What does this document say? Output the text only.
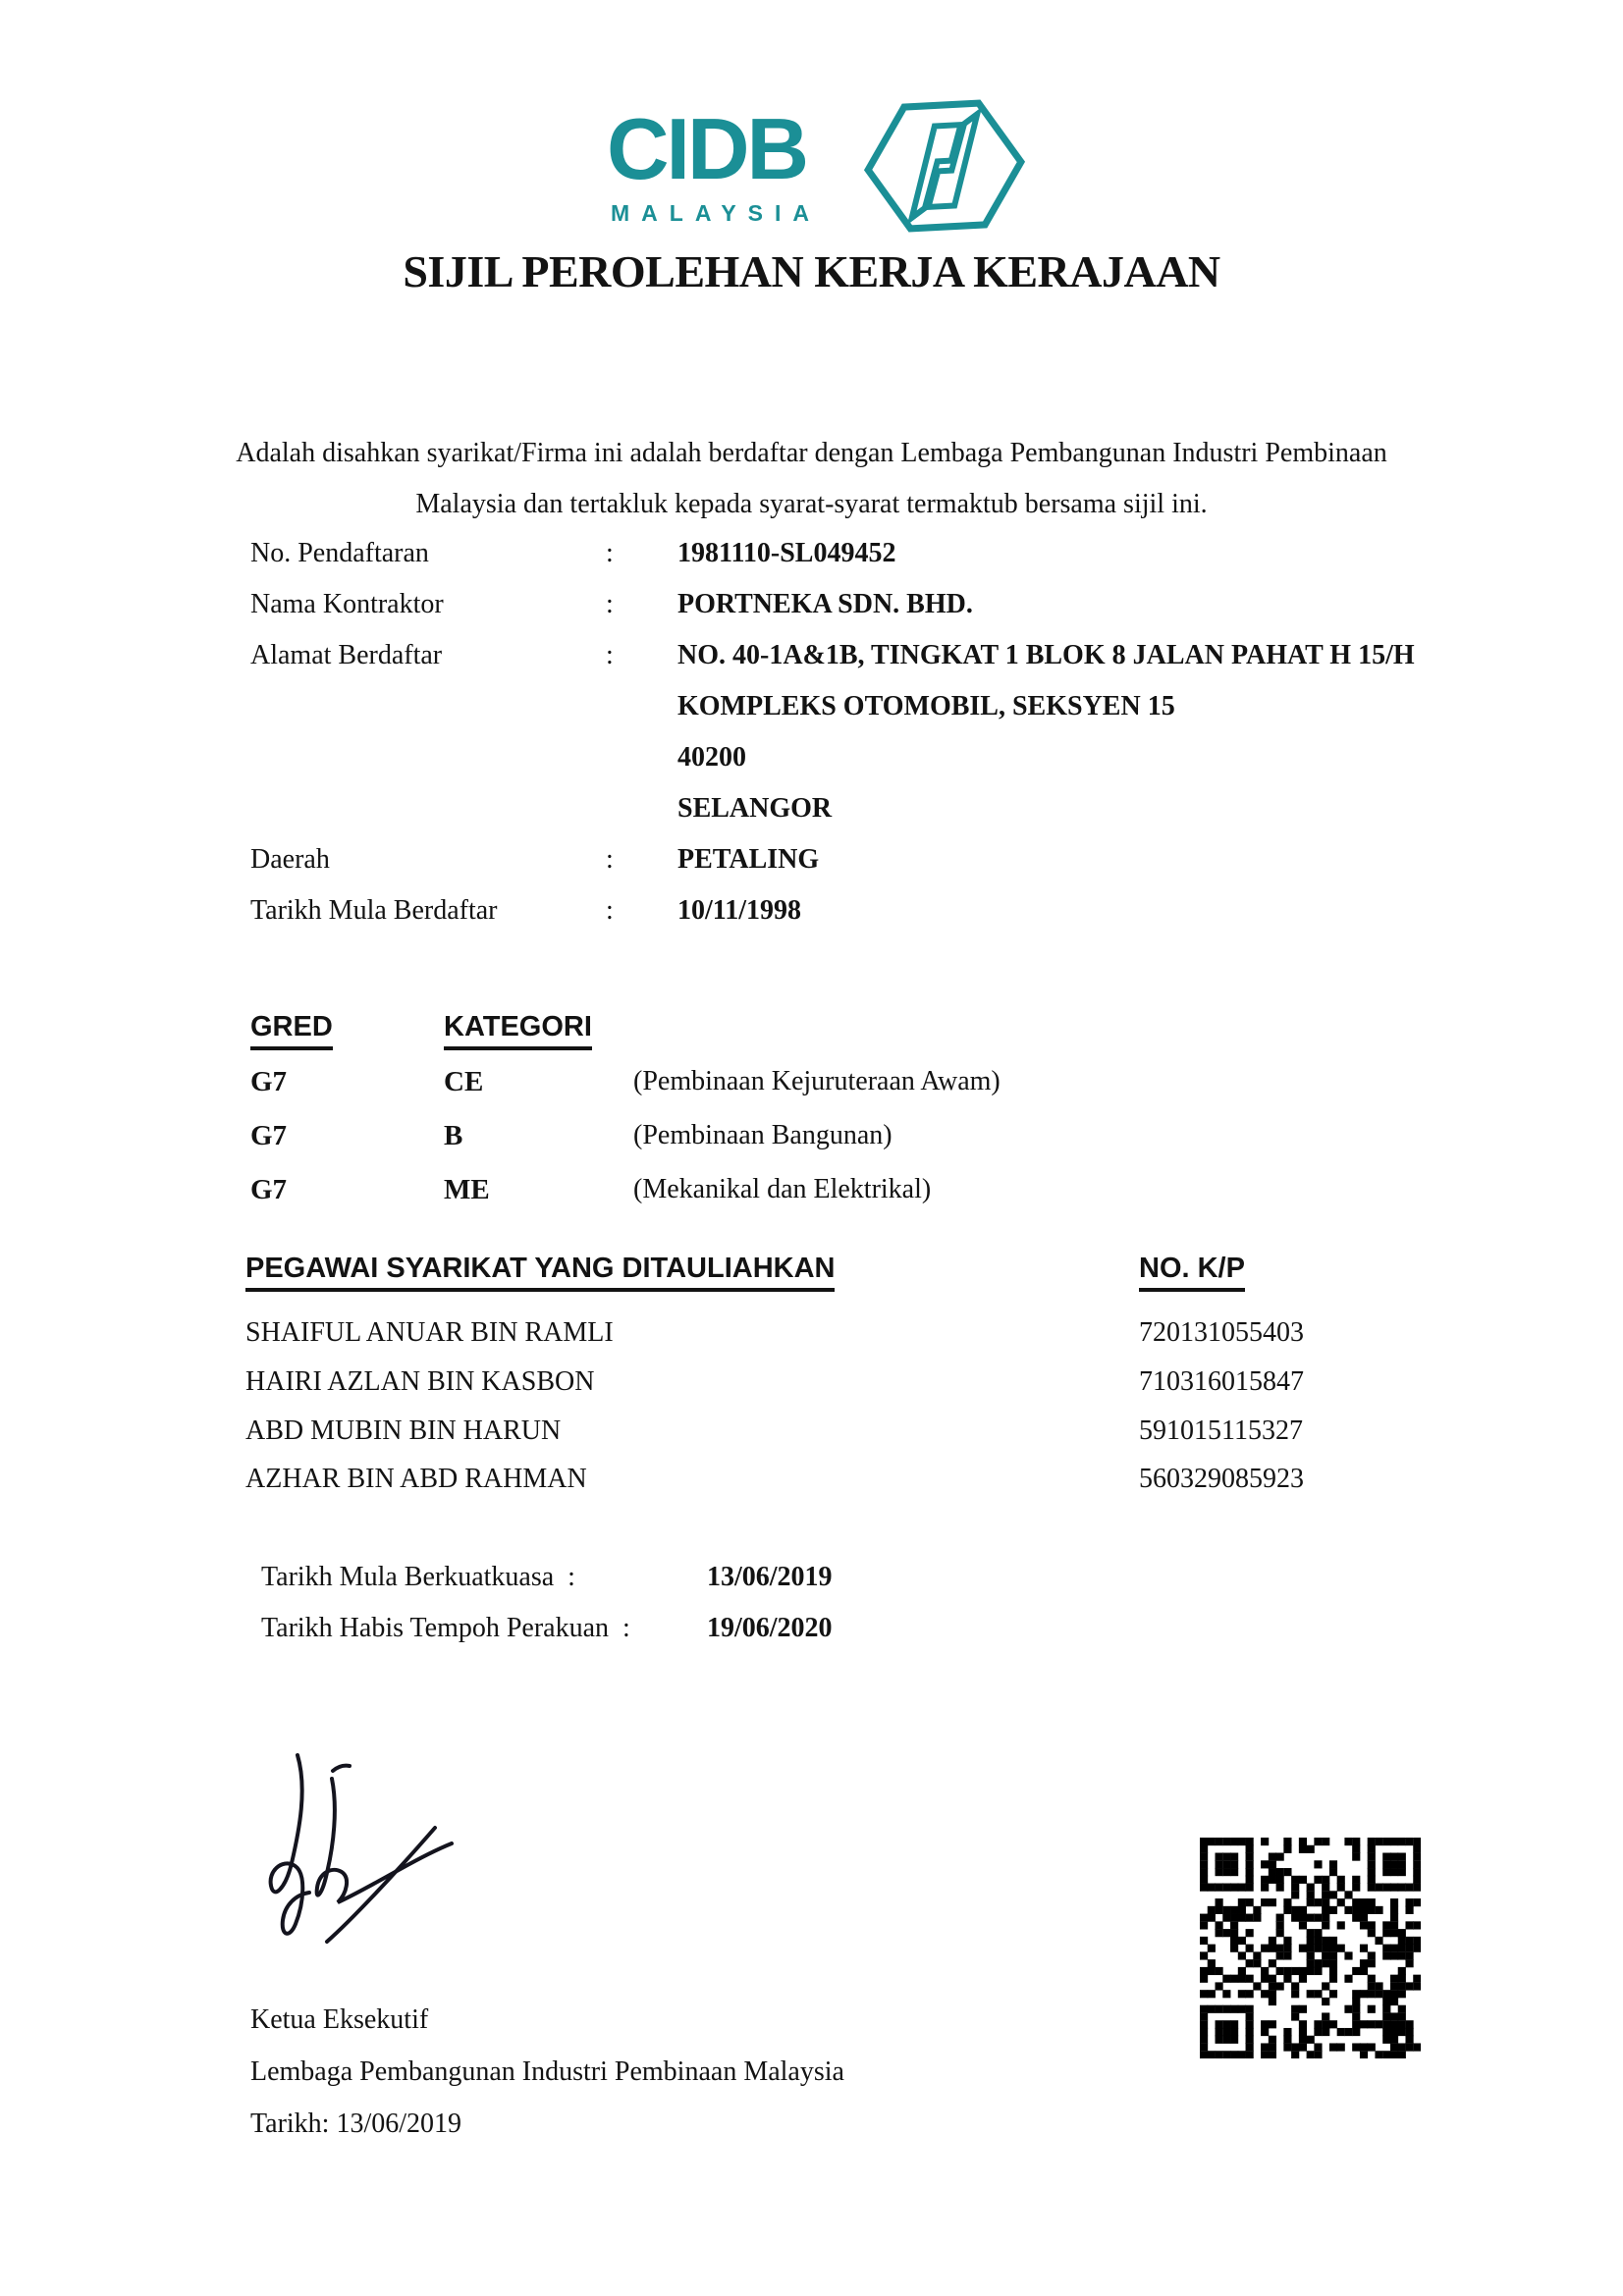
CIDB
MALAYSIA
SIJIL PEROLEHAN KERJA KERAJAAN
Adalah disahkan syarikat/Firma ini adalah berdaftar dengan Lembaga Pembangunan Industri Pembinaan
Malaysia dan tertakluk kepada syarat-syarat termaktub bersama sijil ini.
No. Pendaftaran	: 1981110-SL049452
Nama Kontraktor	: PORTNEKA SDN. BHD.
Alamat Berdaftar	: NO. 40-1A&1B, TINGKAT 1 BLOK 8 JALAN PAHAT H 15/H
KOMPLEKS OTOMOBIL, SEKSYEN 15
40200
SELANGOR
Daerah	: PETALING
Tarikh Mula Berdaftar	: 10/11/1998
GRED	KATEGORI
G7	CE	(Pembinaan Kejuruteraan Awam)
G7	B	(Pembinaan Bangunan)
G7	ME	(Mekanikal dan Elektrikal)
PEGAWAI SYARIKAT YANG DITAULIAHKAN	NO. K/P
SHAIFUL ANUAR BIN RAMLI	720131055403
HAIRI AZLAN BIN KASBON	710316015847
ABD MUBIN BIN HARUN	591015115327
AZHAR BIN ABD RAHMAN	560329085923
Tarikh Mula Berkuatkuasa :	13/06/2019
Tarikh Habis Tempoh Perakuan :	19/06/2020
Ketua Eksekutif
Lembaga Pembangunan Industri Pembinaan Malaysia
Tarikh: 13/06/2019
